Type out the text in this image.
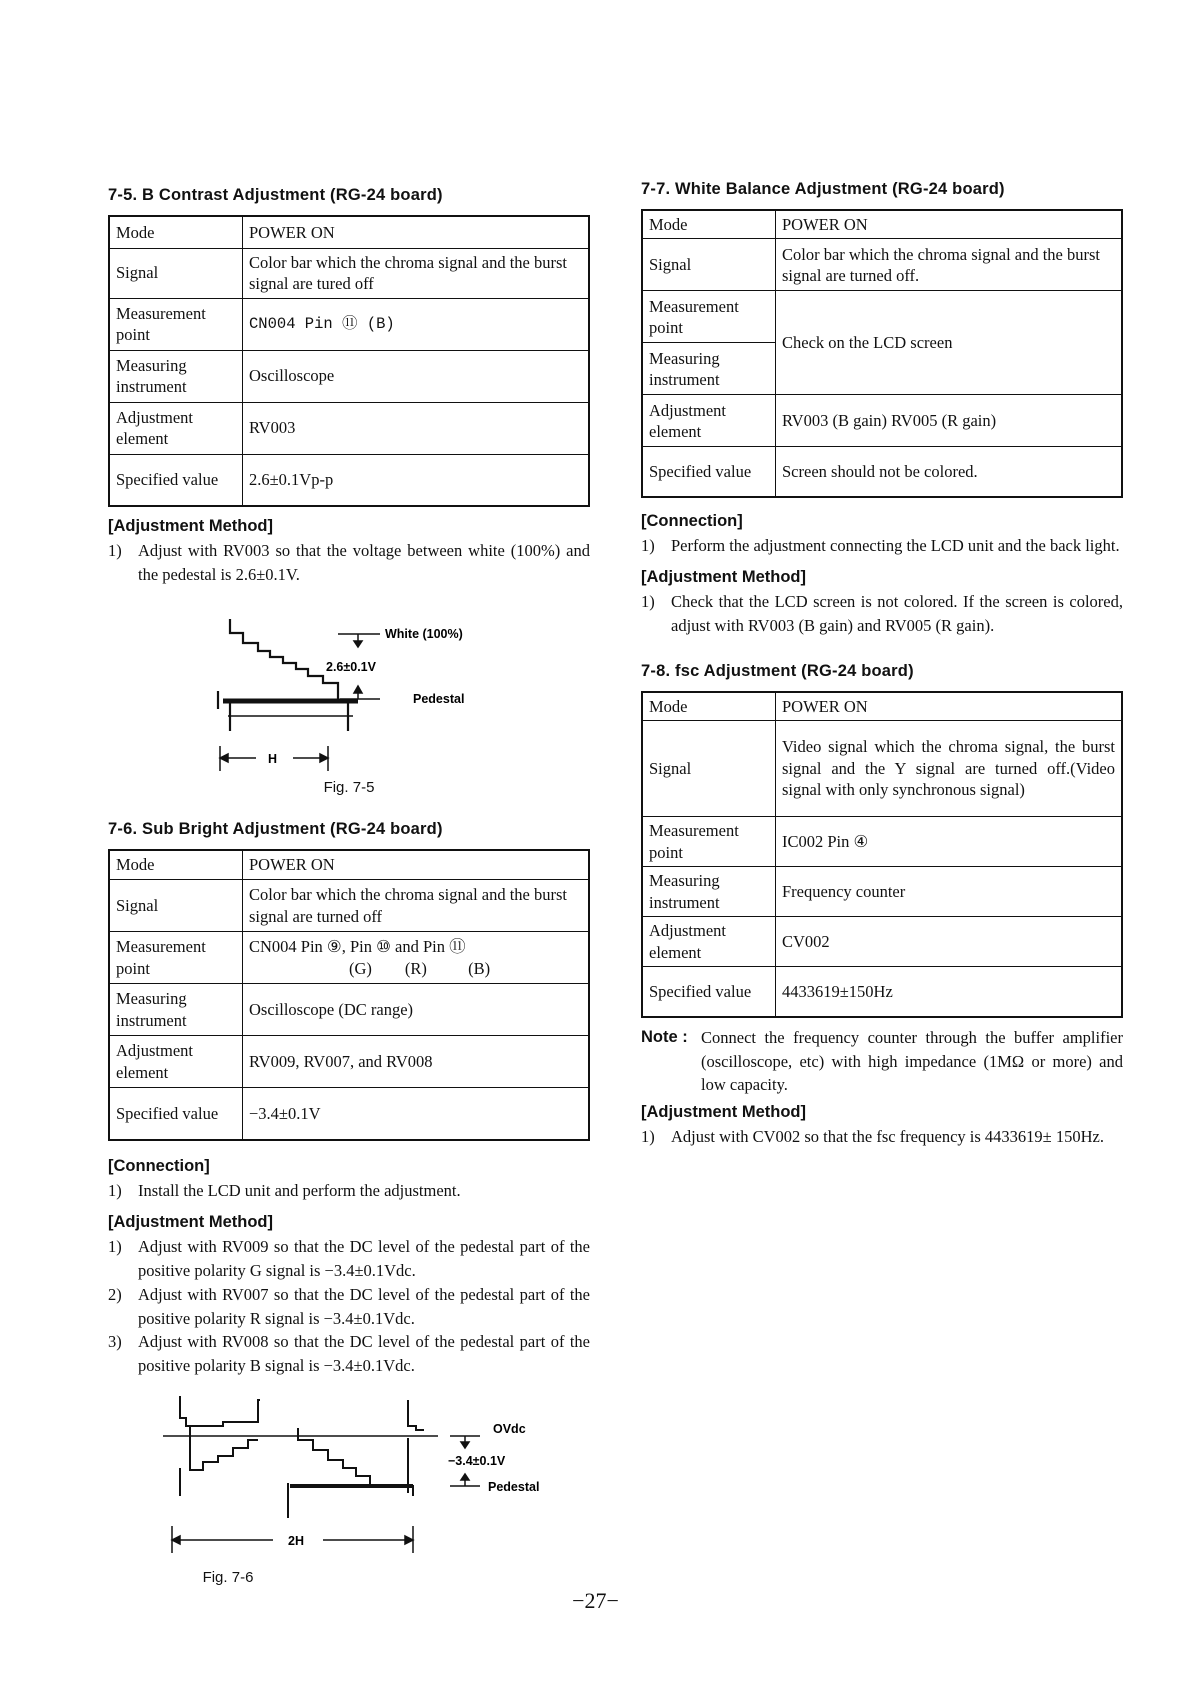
7-5. B Contrast Adjustment (RG-24 board)
Mode	POWER ON
Signal	Color bar which the chroma signal and the burst signal are tured off
Measurement point	CN004 Pin ⑪ (B)
Measuring instrument	Oscilloscope
Adjustment element	RV003
Specified value	2.6±0.1Vp-p
[Adjustment Method]
1) Adjust with RV003 so that the voltage between white (100%) and the pedestal is 2.6±0.1V.
White (100%)
2.6±0.1V
Pedestal
H
Fig. 7-5
7-6. Sub Bright Adjustment (RG-24 board)
Mode	POWER ON
Signal	Color bar which the chroma signal and the burst signal are turned off
Measurement point	CN004 Pin ⑨, Pin ⑩ and Pin ⑪
(G)        (R)          (B)

Measuring instrument	Oscilloscope (DC range)
Adjustment element	RV009, RV007, and RV008
Specified value	−3.4±0.1V
[Connection]
1) Install the LCD unit and perform the adjustment.
[Adjustment Method]
1) Adjust with RV009 so that the DC level of the pedestal part of the positive polarity G signal is −3.4±0.1Vdc.
2) Adjust with RV007 so that the DC level of the pedestal part of the positive polarity R signal is −3.4±0.1Vdc.
3) Adjust with RV008 so that the DC level of the pedestal part of the positive polarity B signal is −3.4±0.1Vdc.
OVdc
−3.4±0.1V
Pedestal
2H
Fig. 7-6
7-7. White Balance Adjustment (RG-24 board)
Mode	POWER ON
Signal	Color bar which the chroma signal and the burst signal are turned off.
Measurement point	Check on the LCD screen
Measuring instrument	
Adjustment element	RV003 (B gain) RV005 (R gain)
Specified value	Screen should not be colored.
[Connection]
1) Perform the adjustment connecting the LCD unit and the back light.
[Adjustment Method]
1) Check that the LCD screen is not colored. If the screen is colored, adjust with RV003 (B gain) and RV005 (R gain).
7-8. fsc Adjustment (RG-24 board)
Mode	POWER ON
Signal	Video signal which the chroma signal, the burst signal and the Y signal are turned off.(Video signal with only synchronous signal)
Measurement point	IC002 Pin ④
Measuring instrument	Frequency counter
Adjustment element	CV002
Specified value	4433619±150Hz
Note : Connect the frequency counter through the buffer amplifier (oscilloscope, etc) with high impedance (1MΩ or more) and low capacity.
[Adjustment Method]
1) Adjust with CV002 so that the fsc frequency is 4433619± 150Hz.
−27−
